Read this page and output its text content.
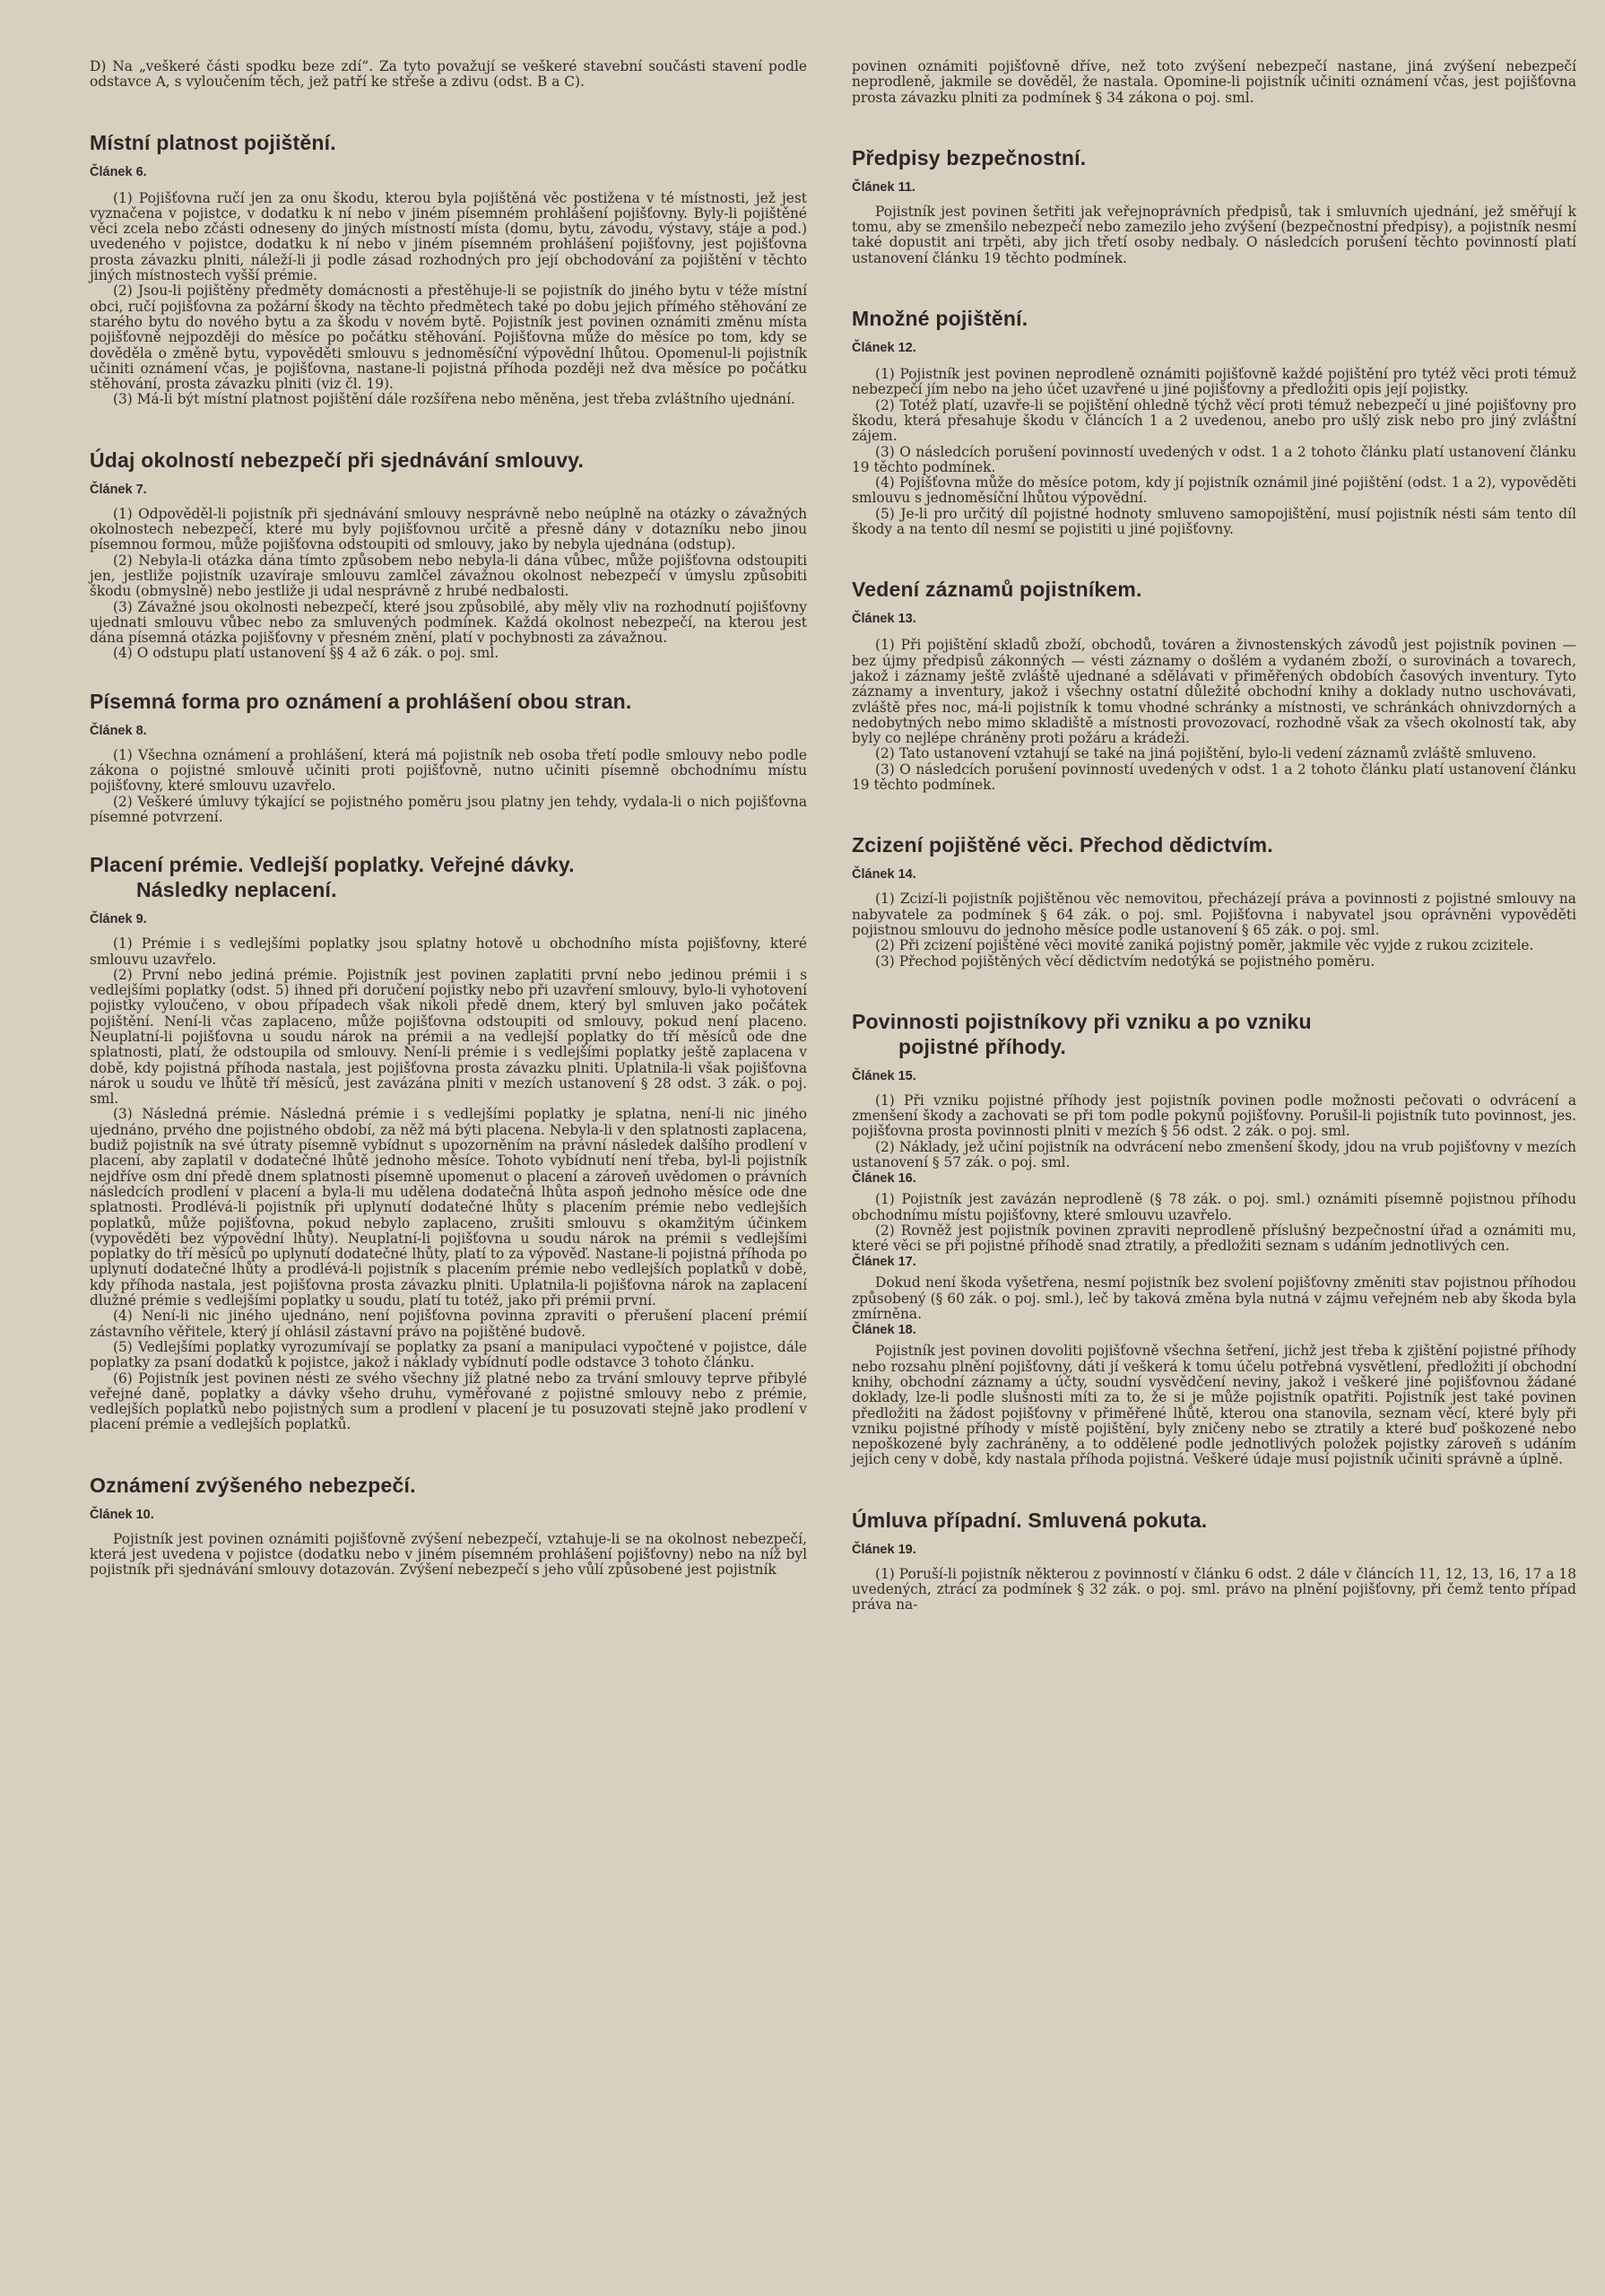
D) Na „veškeré části spodku beze zdí“. Za tyto považují se veškeré stavební součásti stavení podle odstavce A, s vyloučením těch, jež patří ke střeše a zdivu (odst. B a C).

Místní platnost pojištění.
Článek 6.

(1) Pojišťovna ručí jen za onu škodu, kterou byla pojištěná věc postižena v té místnosti, jež jest vyznačena v pojistce, v dodatku k ní nebo v jiném písemném prohlášení pojišťovny. Byly-li pojištěné věci zcela nebo zčásti odneseny do jiných místností místa (domu, bytu, závodu, výstavy, stáje a pod.) uvedeného v pojistce, dodatku k ní nebo v jiném písemném prohlášení pojišťovny, jest pojišťovna prosta závazku plniti, náleží-li ji podle zásad rozhodných pro její obchodování za pojištění v těchto jiných místnostech vyšší prémie.

(2) Jsou-li pojištěny předměty domácnosti a přestěhuje-li se pojistník do jiného bytu v téže místní obci, ručí pojišťovna za požární škody na těchto předmětech také po dobu jejich přímého stěhování ze starého bytu do nového bytu a za škodu v novém bytě. Pojistník jest povinen oznámiti změnu místa pojišťovně nejpozději do měsíce po počátku stěhování. Pojišťovna může do měsíce po tom, kdy se dověděla o změně bytu, vypověděti smlouvu s jednoměsíční výpovědní lhůtou. Opomenul-li pojistník učiniti oznámení včas, je pojišťovna, nastane-li pojistná příhoda později než dva měsíce po počátku stěhování, prosta závazku plniti (viz čl. 19).

(3) Má-li být místní platnost pojištění dále rozšířena nebo měněna, jest třeba zvláštního ujednání.

Údaj okolností nebezpečí při sjednávání smlouvy.
Článek 7.

(1) Odpověděl-li pojistník při sjednávání smlouvy nesprávně nebo neúplně na otázky o závažných okolnostech nebezpečí, které mu byly pojišťovnou určitě a přesně dány v dotazníku nebo jinou písemnou formou, může pojišťovna odstoupiti od smlouvy, jako by nebyla ujednána (odstup).

(2) Nebyla-li otázka dána tímto způsobem nebo nebyla-li dána vůbec, může pojišťovna odstoupiti jen, jestliže pojistník uzavíraje smlouvu zamlčel závažnou okolnost nebezpečí v úmyslu způsobiti škodu (obmyslně) nebo jestliže ji udal nesprávně z hrubé nedbalosti.

(3) Závažné jsou okolnosti nebezpečí, které jsou způsobilé, aby měly vliv na rozhodnutí pojišťovny ujednati smlouvu vůbec nebo za smluvených podmínek. Každá okolnost nebezpečí, na kterou jest dána písemná otázka pojišťovny v přesném znění, platí v pochybnosti za závažnou.

(4) O odstupu platí ustanovení §§ 4 až 6 zák. o poj. sml.

Písemná forma pro oznámení a prohlášení obou stran.
Článek 8.

(1) Všechna oznámení a prohlášení, která má pojistník neb osoba třetí podle smlouvy nebo podle zákona o pojistné smlouvě učiniti proti pojišťovně, nutno učiniti písemně obchodnímu místu pojišťovny, které smlouvu uzavřelo.

(2) Veškeré úmluvy týkající se pojistného poměru jsou platny jen tehdy, vydala-li o nich pojišťovna písemné potvrzení.

Placení prémie. Vedlejší poplatky. Veřejné dávky.
Následky neplacení.
Článek 9.

(1) Prémie i s vedlejšími poplatky jsou splatny hotově u obchodního místa pojišťovny, které smlouvu uzavřelo.

(2) První nebo jediná prémie. Pojistník jest povinen zaplatiti první nebo jedinou prémii i s vedlejšími poplatky (odst. 5) ihned při doručení pojistky nebo při uzavření smlouvy, bylo-li vyhotovení pojistky vyloučeno, v obou případech však nikoli předě dnem, který byl smluven jako počátek pojištění. Není-li včas zaplaceno, může pojišťovna odstoupiti od smlouvy, pokud není placeno. Neuplatní-li pojišťovna u soudu nárok na prémii a na vedlejší poplatky do tří měsíců ode dne splatnosti, platí, že odstoupila od smlouvy. Není-li prémie i s vedlejšími poplatky ještě zaplacena v době, kdy pojistná příhoda nastala, jest pojišťovna prosta závazku plniti. Uplatnila-li však pojišťovna nárok u soudu ve lhůtě tří měsíců, jest zavázána plniti v mezích ustanovení § 28 odst. 3 zák. o poj. sml.

(3) Následná prémie. Následná prémie i s vedlejšími poplatky je splatna, není-li nic jiného ujednáno, prvého dne pojistného období, za něž má býti placena. Nebyla-li v den splatnosti zaplacena, budiž pojistník na své útraty písemně vybídnut s upozorněním na právní následek dalšího prodlení v placení, aby zaplatil v dodatečné lhůtě jednoho měsíce. Tohoto vybídnutí není třeba, byl-li pojistník nejdříve osm dní předě dnem splatnosti písemně upomenut o placení a zároveň uvědomen o právních následcích prodlení v placení a byla-li mu udělena dodatečná lhůta aspoň jednoho měsíce ode dne splatnosti. Prodlévá-li pojistník při uplynutí dodatečné lhůty s placením prémie nebo vedlejších poplatků, může pojišťovna, pokud nebylo zaplaceno, zrušiti smlouvu s okamžitým účinkem (vypověděti bez výpovědní lhůty). Neuplatní-li pojišťovna u soudu nárok na prémii s vedlejšími poplatky do tří měsíců po uplynutí dodatečné lhůty, platí to za výpověď. Nastane-li pojistná příhoda po uplynutí dodatečné lhůty a prodlévá-li pojistník s placením prémie nebo vedlejších poplatků v době, kdy příhoda nastala, jest pojišťovna prosta závazku plniti. Uplatnila-li pojišťovna nárok na zaplacení dlužné prémie s vedlejšími poplatky u soudu, platí tu totéž, jako při prémii první.

(4) Není-li nic jiného ujednáno, není pojišťovna povinna zpraviti o přerušení placení prémií zástavního věřitele, který jí ohlásil zástavní právo na pojištěné budově.

(5) Vedlejšími poplatky vyrozumívají se poplatky za psaní a manipulaci vypočtené v pojistce, dále poplatky za psaní dodatků k pojistce, jakož i náklady vybídnutí podle odstavce 3 tohoto článku.

(6) Pojistník jest povinen nésti ze svého všechny již platné nebo za trvání smlouvy teprve přibylé veřejné daně, poplatky a dávky všeho druhu, vyměřované z pojistné smlouvy nebo z prémie, vedlejších poplatků nebo pojistných sum a prodlení v placení je tu posuzovati stejně jako prodlení v placení prémie a vedlejších poplatků.

Oznámení zvýšeného nebezpečí.
Článek 10.

Pojistník jest povinen oznámiti pojišťovně zvýšení nebezpečí, vztahuje-li se na okolnost nebezpečí, která jest uvedena v pojistce (dodatku nebo v jiném písemném prohlášení pojišťovny) nebo na níž byl pojistník při sjednávání smlouvy dotazován. Zvýšení nebezpečí s jeho vůlí způsobené jest pojistník

povinen oznámiti pojišťovně dříve, než toto zvýšení nebezpečí nastane, jiná zvýšení nebezpečí neprodleně, jakmile se dověděl, že nastala. Opomine-li pojistník učiniti oznámení včas, jest pojišťovna prosta závazku plniti za podmínek § 34 zákona o poj. sml.

Předpisy bezpečnostní.
Článek 11.

Pojistník jest povinen šetřiti jak veřejnoprávních předpisů, tak i smluvních ujednání, jež směřují k tomu, aby se zmenšilo nebezpečí nebo zamezilo jeho zvýšení (bezpečnostní předpisy), a pojistník nesmí také dopustit ani trpěti, aby jich třetí osoby nedbaly. O následcích porušení těchto povinností platí ustanovení článku 19 těchto podmínek.

Množné pojištění.
Článek 12.

(1) Pojistník jest povinen neprodleně oznámiti pojišťovně každé pojištění pro tytéž věci proti témuž nebezpečí jím nebo na jeho účet uzavřené u jiné pojišťovny a předložiti opis její pojistky.

(2) Totéž platí, uzavře-li se pojištění ohledně týchž věcí proti témuž nebezpečí u jiné pojišťovny pro škodu, která přesahuje škodu v článcích 1 a 2 uvedenou, anebo pro ušlý zisk nebo pro jiný zvláštní zájem.

(3) O následcích porušení povinností uvedených v odst. 1 a 2 tohoto článku platí ustanovení článku 19 těchto podmínek.

(4) Pojišťovna může do měsíce potom, kdy jí pojistník oznámil jiné pojištění (odst. 1 a 2), vypověděti smlouvu s jednoměsíční lhůtou výpovědní.

(5) Je-li pro určitý díl pojistné hodnoty smluveno samopojištění, musí pojistník nésti sám tento díl škody a na tento díl nesmí se pojistiti u jiné pojišťovny.

Vedení záznamů pojistníkem.
Článek 13.

(1) Při pojištění skladů zboží, obchodů, továren a živnostenských závodů jest pojistník povinen — bez újmy předpisů zákonných — vésti záznamy o došlém a vydaném zboží, o surovinách a tovarech, jakož i záznamy ještě zvláště ujednané a sdělávati v přiměřených obdobích časových inventury. Tyto záznamy a inventury, jakož i všechny ostatní důležité obchodní knihy a doklady nutno uschovávati, zvláště přes noc, má-li pojistník k tomu vhodné schránky a místnosti, ve schránkách ohnivzdorných a nedobytných nebo mimo skladiště a místnosti provozovací, rozhodně však za všech okolností tak, aby byly co nejlépe chráněny proti požáru a krádeži.

(2) Tato ustanovení vztahují se také na jiná pojištění, bylo-li vedení záznamů zvláště smluveno.

(3) O následcích porušení povinností uvedených v odst. 1 a 2 tohoto článku platí ustanovení článku 19 těchto podmínek.

Zcizení pojištěné věci. Přechod dědictvím.
Článek 14.

(1) Zcizí-li pojistník pojištěnou věc nemovitou, přecházejí práva a povinnosti z pojistné smlouvy na nabyvatele za podmínek § 64 zák. o poj. sml. Pojišťovna i nabyvatel jsou oprávněni vypověděti pojistnou smlouvu do jednoho měsíce podle ustanovení § 65 zák. o poj. sml.

(2) Při zcizení pojištěné věci movité zaniká pojistný poměr, jakmile věc vyjde z rukou zcizitele.

(3) Přechod pojištěných věcí dědictvím nedotýká se pojistného poměru.

Povinnosti pojistníkovy při vzniku a po vzniku
pojistné příhody.
Článek 15.

(1) Při vzniku pojistné příhody jest pojistník povinen podle možnosti pečovati o odvrácení a zmenšení škody a zachovati se při tom podle pokynů pojišťovny. Porušil-li pojistník tuto povinnost, jes. pojišťovna prosta povinnosti plniti v mezích § 56 odst. 2 zák. o poj. sml.

(2) Náklady, jež učiní pojistník na odvrácení nebo zmenšení škody, jdou na vrub pojišťovny v mezích ustanovení § 57 zák. o poj. sml.

Článek 16.

(1) Pojistník jest zavázán neprodleně (§ 78 zák. o poj. sml.) oznámiti písemně pojistnou příhodu obchodnímu místu pojišťovny, které smlouvu uzavřelo.

(2) Rovněž jest pojistník povinen zpraviti neprodleně příslušný bezpečnostní úřad a oznámiti mu, které věci se při pojistné příhodě snad ztratily, a předložiti seznam s udáním jednotlivých cen.

Článek 17.

Dokud není škoda vyšetřena, nesmí pojistník bez svolení pojišťovny změniti stav pojistnou příhodou způsobený (§ 60 zák. o poj. sml.), leč by taková změna byla nutná v zájmu veřejném neb aby škoda byla zmírněna.

Článek 18.

Pojistník jest povinen dovoliti pojišťovně všechna šetření, jichž jest třeba k zjištění pojistné příhody nebo rozsahu plnění pojišťovny, dáti jí veškerá k tomu účelu potřebná vysvětlení, předložiti jí obchodní knihy, obchodní záznamy a účty, soudní vysvědčení neviny, jakož i veškeré jiné pojišťovnou žádané doklady, lze-li podle slušnosti míti za to, že si je může pojistník opatřiti. Pojistník jest také povinen předložiti na žádost pojišťovny v přiměřené lhůtě, kterou ona stanovila, seznam věcí, které byly při vzniku pojistné příhody v místě pojištění, byly zničeny nebo se ztratily a které buď poškozené nebo nepoškozené byly zachráněny, a to oddělené podle jednotlivých položek pojistky zároveň s udáním jejich ceny v době, kdy nastala příhoda pojistná. Veškeré údaje musí pojistník učiniti správně a úplně.

Úmluva případní. Smluvená pokuta.
Článek 19.

(1) Poruší-li pojistník některou z povinností v článku 6 odst. 2 dále v článcích 11, 12, 13, 16, 17 a 18 uvedených, ztrácí za podmínek § 32 zák. o poj. sml. právo na plnění pojišťovny, při čemž tento případ práva na-
